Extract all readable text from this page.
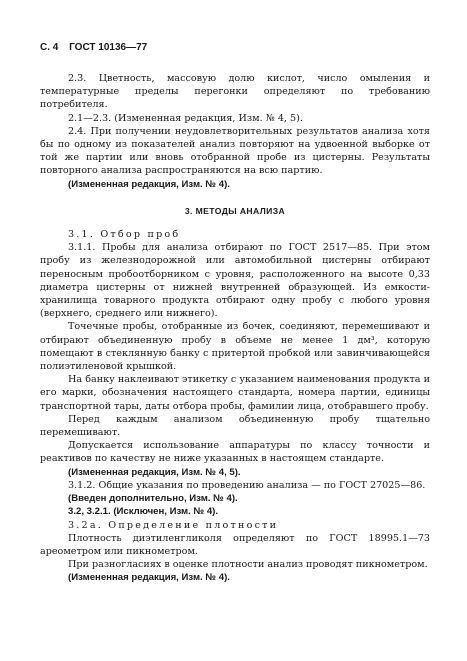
С. 4 ГОСТ 10136—77

2.3. Цветность, массовую долю кислот, число омыления и температурные пределы перегонки определяют по требованию потребителя.

2.1—2.3. (Измененная редакция, Изм. № 4, 5).

2.4. При получении неудовлетворительных результатов анализа хотя бы по одному из показателей анализ повторяют на удвоенной выборке от той же партии или вновь отобранной пробе из цистерны. Результаты повторного анализа распространяются на всю партию.

(Измененная редакция, Изм. № 4).

3. МЕТОДЫ АНАЛИЗА

3.1. Отбор проб

3.1.1. Пробы для анализа отбирают по ГОСТ 2517—85. При этом пробу из железнодорожной или автомобильной цистерны отбирают переносным пробоотборником с уровня, расположенного на высоте 0,33 диаметра цистерны от нижней внутренней образующей. Из емкости-хранилища товарного продукта отбирают одну пробу с любого уровня (верхнего, среднего или нижнего).

Точечные пробы, отобранные из бочек, соединяют, перемешивают и отбирают объединенную пробу в объеме не менее 1 дм³, которую помещают в стеклянную банку с притертой пробкой или завинчивающейся полиэтиленовой крышкой.

На банку наклеивают этикетку с указанием наименования продукта и его марки, обозначения настоящего стандарта, номера партии, единицы транспортной тары, даты отбора пробы, фамилии лица, отобравшего пробу.

Перед каждым анализом объединенную пробу тщательно перемешивают.

Допускается использование аппаратуры по классу точности и реактивов по качеству не ниже указанных в настоящем стандарте.

(Измененная редакция, Изм. № 4, 5).

3.1.2. Общие указания по проведению анализа — по ГОСТ 27025—86.

(Введен дополнительно, Изм. № 4).

3.2, 3.2.1. (Исключен, Изм. № 4).

3.2а. Определение плотности

Плотность диэтиленгликоля определяют по ГОСТ 18995.1—73 ареометром или пикнометром.

При разногласиях в оценке плотности анализ проводят пикнометром.

(Измененная редакция, Изм. № 4).
